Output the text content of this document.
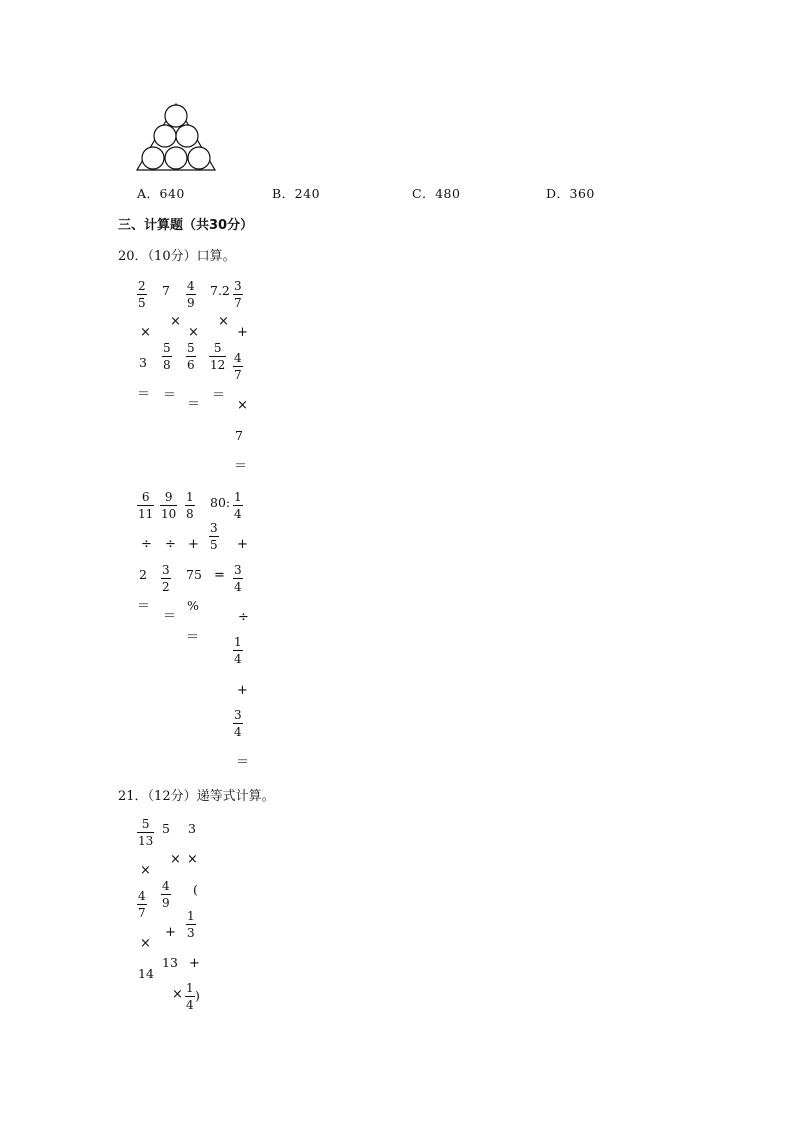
A．640	B．240	C．480	D．360
三、计算题（共30分）
20．（10分）口算。
2
5
×
3
＝
7
×
5
8
＝
4
9
×
5
6
＝
7.2
×
5
12
＝
3
7
+
4
7
×
7
＝
6
11
÷
2
＝
9
10
÷
3
2
＝
1
8
+
75
%
＝
80:
3
5
=
1
4
+
3
4
÷
1
4
+
3
4
＝
21．（12分）递等式计算。
5
13
×
4
7
×
14
5
×
4
9
+
13
3
×
(
1
3
+
× 1
4
)
